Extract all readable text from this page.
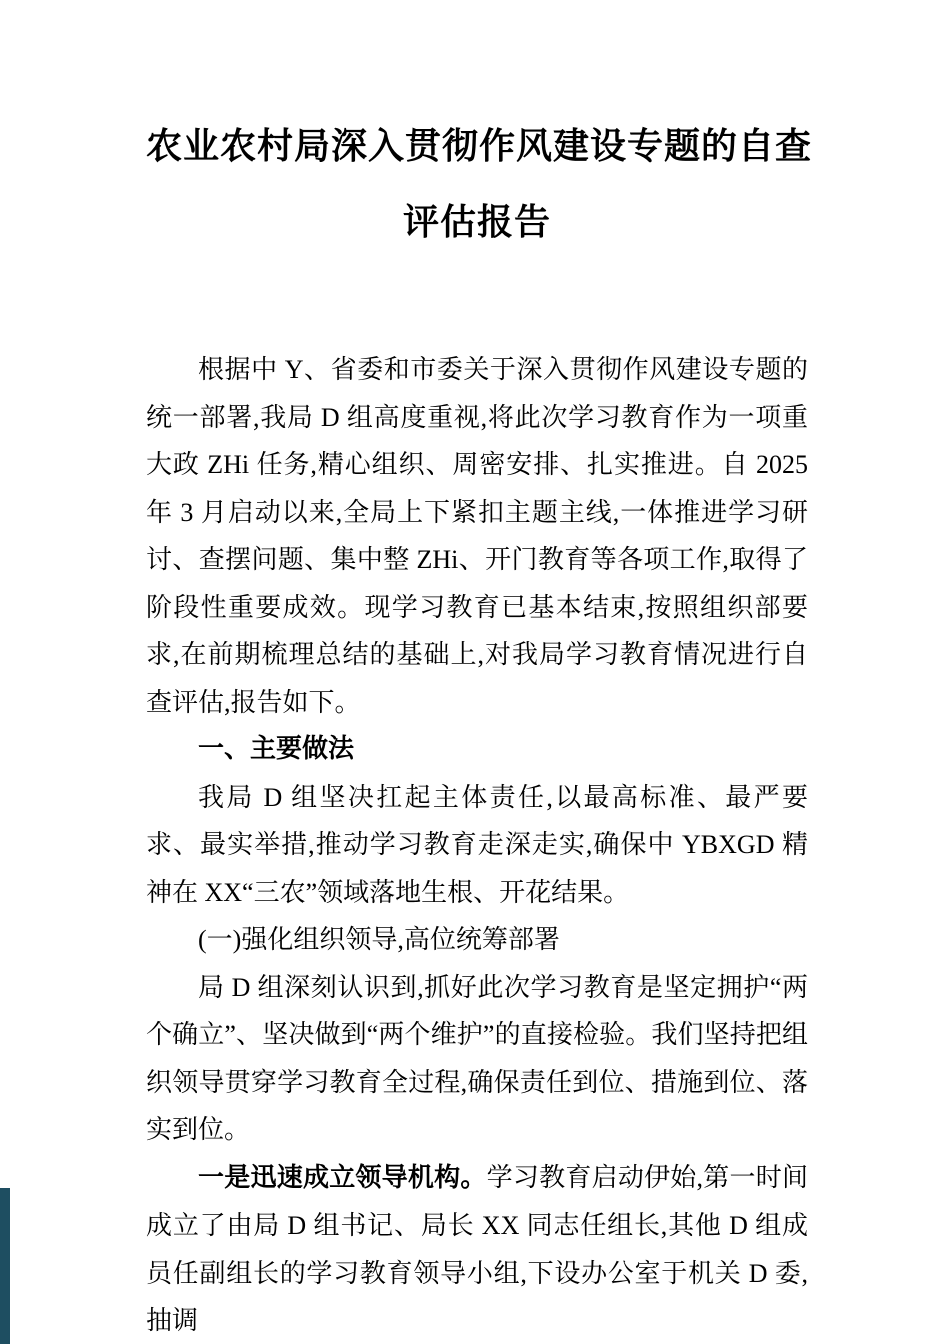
农业农村局深入贯彻作风建设专题的自查
评估报告

根据中 Y、省委和市委关于深入贯彻作风建设专题的统一部署,我局 D 组高度重视,将此次学习教育作为一项重大政 ZHi 任务,精心组织、周密安排、扎实推进。自 2025 年 3 月启动以来,全局上下紧扣主题主线,一体推进学习研讨、查摆问题、集中整 ZHi、开门教育等各项工作,取得了阶段性重要成效。现学习教育已基本结束,按照组织部要求,在前期梳理总结的基础上,对我局学习教育情况进行自查评估,报告如下。

一、主要做法

我局 D 组坚决扛起主体责任,以最高标准、最严要求、最实举措,推动学习教育走深走实,确保中 YBXGD 精神在 XX“三农”领域落地生根、开花结果。

(一)强化组织领导,高位统筹部署

局 D 组深刻认识到,抓好此次学习教育是坚定拥护“两个确立”、坚决做到“两个维护”的直接检验。我们坚持把组织领导贯穿学习教育全过程,确保责任到位、措施到位、落实到位。

一是迅速成立领导机构。学习教育启动伊始,第一时间成立了由局 D 组书记、局长 XX 同志任组长,其他 D 组成员任副组长的学习教育领导小组,下设办公室于机关 D 委,抽调
